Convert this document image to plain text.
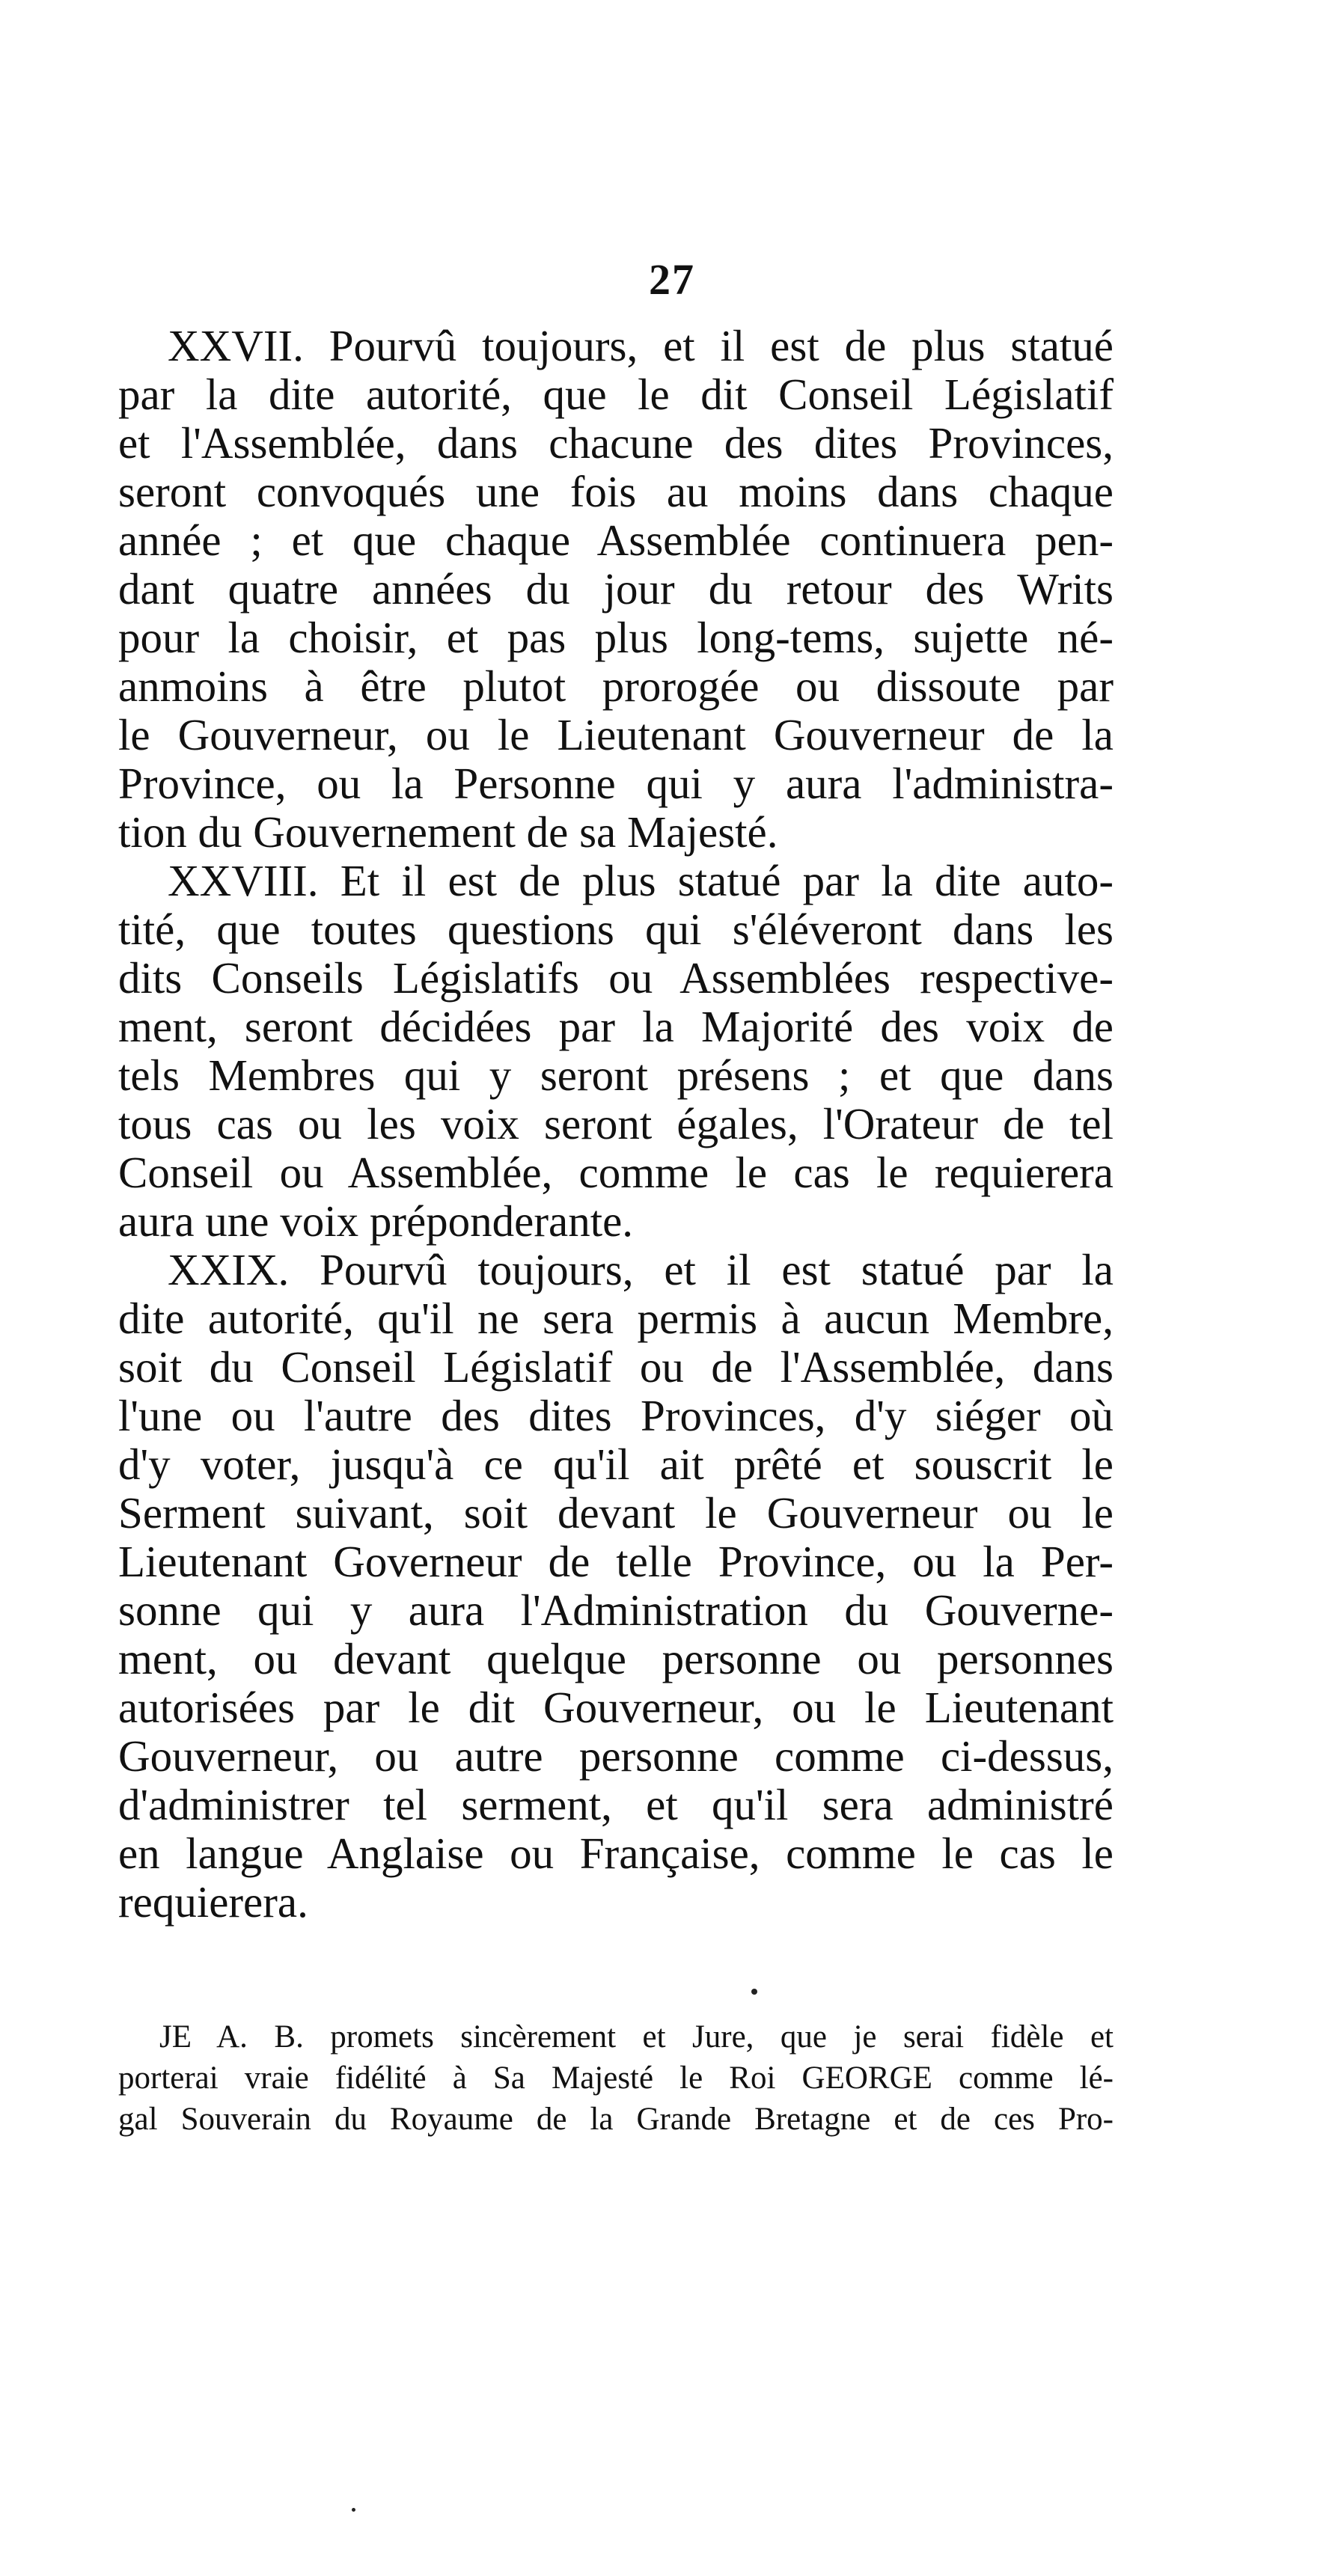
27
XXVII. Pourvû toujours, et il est de plus statué
par la dite autorité, que le dit Conseil Législatif
et l'Assemblée, dans chacune des dites Provinces,
seront convoqués une fois au moins dans chaque
année ; et que chaque Assemblée continuera pen-
dant quatre années du jour du retour des Writs
pour la choisir, et pas plus long-tems, sujette né-
anmoins à être plutot prorogée ou dissoute par
le Gouverneur, ou le Lieutenant Gouverneur de la
Province, ou la Personne qui y aura l'administra-
tion du Gouvernement de sa Majesté.
XXVIII. Et il est de plus statué par la dite auto-
tité, que toutes questions qui s'éléveront dans les
dits Conseils Législatifs ou Assemblées respective-
ment, seront décidées par la Majorité des voix de
tels Membres qui y seront présens ; et que dans
tous cas ou les voix seront égales, l'Orateur de tel
Conseil ou Assemblée, comme le cas le requierera
aura une voix préponderante.
XXIX. Pourvû toujours, et il est statué par la
dite autorité, qu'il ne sera permis à aucun Membre,
soit du Conseil Législatif ou de l'Assemblée, dans
l'une ou l'autre des dites Provinces, d'y siéger où
d'y voter, jusqu'à ce qu'il ait prêté et souscrit le
Serment suivant, soit devant le Gouverneur ou le
Lieutenant Governeur de telle Province, ou la Per-
sonne qui y aura l'Administration du Gouverne-
ment, ou devant quelque personne ou personnes
autorisées par le dit Gouverneur, ou le Lieutenant
Gouverneur, ou autre personne comme ci-dessus,
d'administrer tel serment, et qu'il sera administré
en langue Anglaise ou Française, comme le cas le
requierera.
JE A. B. promets sincèrement et Jure, que je serai fidèle et
porterai vraie fidélité à Sa Majesté le Roi GEORGE comme lé-
gal Souverain du Royaume de la Grande Bretagne et de ces Pro-
